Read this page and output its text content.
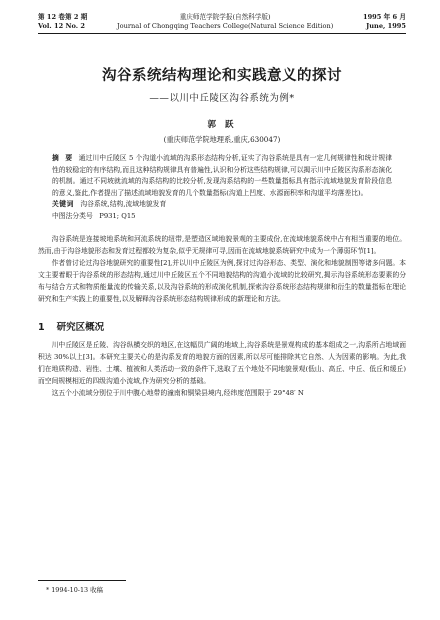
第 12 卷第 2 期
Vol. 12 No. 2
重庆师范学院学报(自然科学版)
Journal of Chongqing Teachers College(Natural Science Edition)
1995 年 6 月
June, 1995
沟谷系统结构理论和实践意义的探讨
——以川中丘陵区沟谷系统为例*
郭 跃
(重庆师范学院地理系,重庆,630047)
摘 要 通过川中丘陵区 5 个沟道小流域的沟系形态结构分析,证实了沟谷系统是具有一定几何规律性和统计规律性的较稳定的有序结构,而且这种结构规律具有普遍性,认识和分析这些结构规律,可以揭示川中丘陵区沟系形态演化的机制。通过不同坡就流域的沟系结构的比较分析,发现沟系结构的一些数量指标具有指示流域地貌发育阶段信息的意义,鉴此,作者提出了描述流域地貌发育的几个数量指标(沟道上凹度、水源面积率和沟道平均落差比)。
关键词 沟谷系统,结构,流域地貌发育
中图法分类号 P931; Q15

沟谷系统是连接坡地系统和河流系统的纽带,是塑造区域地貌景观的主要成份,在流域地貌系统中占有相当重要的地位。然而,由于沟谷地貌形态和发育过程都较为复杂,似乎无规律可寻,因而在流域地貌系统研究中成为一个薄弱环节[1]。

作者曾讨论过沟谷地貌研究的重要性[2],并以川中丘陵区为例,探讨过沟谷形态、类型、演化和地貌制图等诸多问题。本文主要着眼于沟谷系统的形态结构,通过川中丘陵区五个不同地貌结构的沟道小流域的比较研究,揭示沟谷系统形态要素的分布与结合方式和物质能量流的传输关系,以及沟谷系统的形成演化机制,探索沟谷系统形态结构规律和衍生的数量指标在理论研究和生产实践上的重要性,以及解释沟谷系统形态结构规律形成的新理论和方法。

1 研究区概况

川中丘陵区是丘陵、沟谷纵横交织的地区,在这幅员广阔的地域上,沟谷系统是景观构成的基本组成之一,沟系所占地域面积达 30%以上[3]。本研究主要关心的是沟系发育的地貌方面的因素,所以尽可能排除其它自然、人为因素的影响。为此,我们在地质构造、岩性、土壤、植被和人类活动一致的条件下,选取了五个地处不同地貌景观(低山、高丘、中丘、低丘和缓丘)而空间规模相近的四级沟道小流域,作为研究分析的基础。

这五个小流域分别位于川中腹心地带的潼南和铜梁县境内,经纬度范围限于 29°48′ N

* 1994-10-13 收稿
